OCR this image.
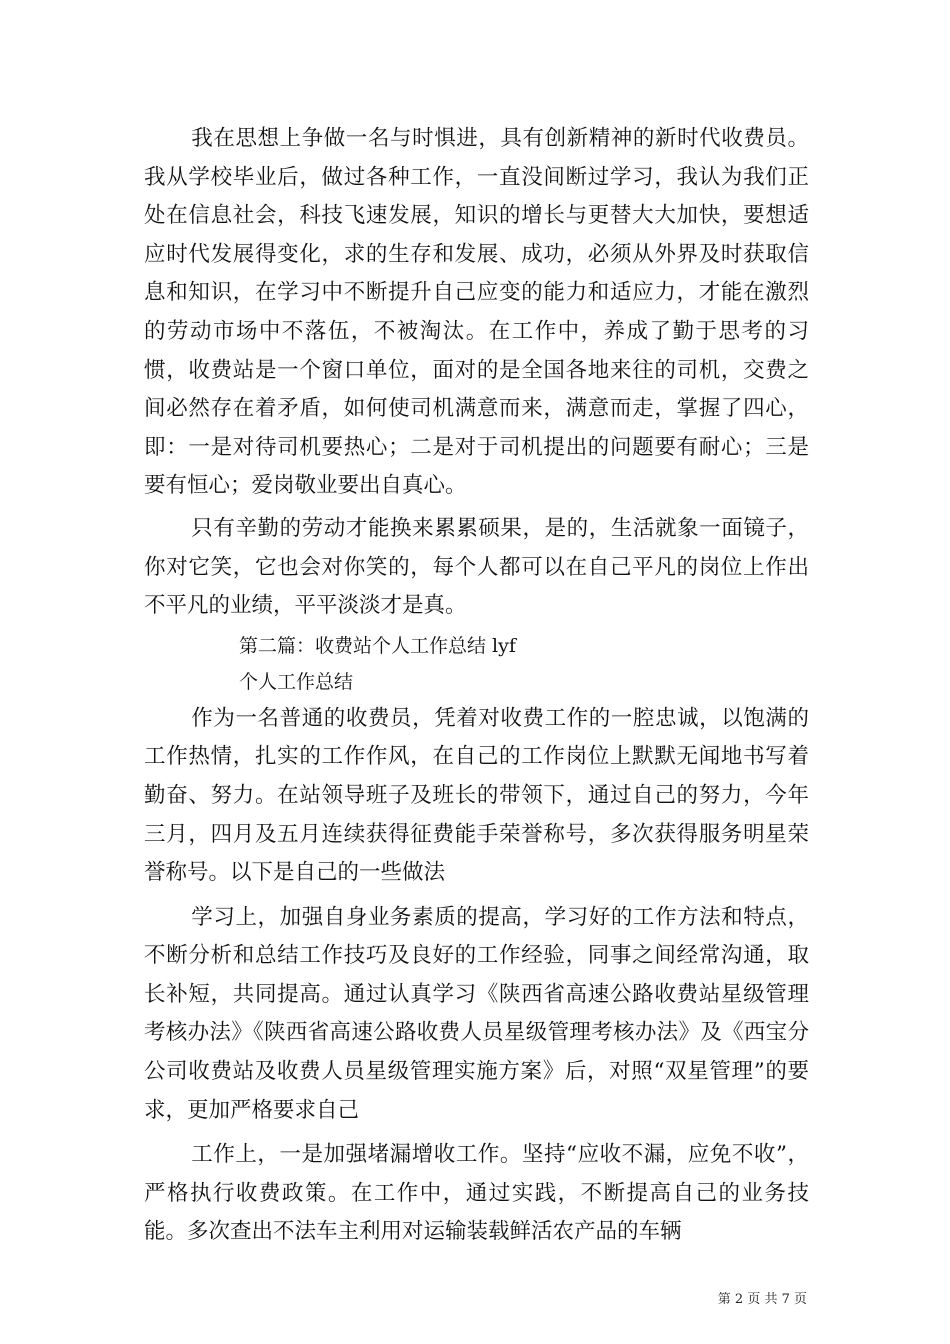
我在思想上争做一名与时惧进，具有创新精神的新时代收费员。我从学校毕业后，做过各种工作，一直没间断过学习，我认为我们正处在信息社会，科技飞速发展，知识的增长与更替大大加快，要想适应时代发展得变化，求的生存和发展、成功，必须从外界及时获取信息和知识，在学习中不断提升自己应变的能力和适应力，才能在激烈的劳动市场中不落伍，不被淘汰。在工作中，养成了勤于思考的习惯，收费站是一个窗口单位，面对的是全国各地来往的司机，交费之间必然存在着矛盾，如何使司机满意而来，满意而走，掌握了四心，即：一是对待司机要热心；二是对于司机提出的问题要有耐心；三是要有恒心；爱岗敬业要出自真心。

只有辛勤的劳动才能换来累累硕果，是的，生活就象一面镜子，你对它笑，它也会对你笑的，每个人都可以在自己平凡的岗位上作出不平凡的业绩，平平淡淡才是真。

第二篇：收费站个人工作总结 lyf

个人工作总结

作为一名普通的收费员，凭着对收费工作的一腔忠诚，以饱满的工作热情，扎实的工作作风，在自己的工作岗位上默默无闻地书写着勤奋、努力。在站领导班子及班长的带领下，通过自己的努力，今年三月，四月及五月连续获得征费能手荣誉称号，多次获得服务明星荣誉称号。以下是自己的一些做法

学习上，加强自身业务素质的提高，学习好的工作方法和特点，不断分析和总结工作技巧及良好的工作经验，同事之间经常沟通，取长补短，共同提高。通过认真学习《陕西省高速公路收费站星级管理考核办法》《陕西省高速公路收费人员星级管理考核办法》及《西宝分公司收费站及收费人员星级管理实施方案》后，对照“双星管理”的要求，更加严格要求自己

工作上，一是加强堵漏增收工作。坚持“应收不漏，应免不收”，严格执行收费政策。在工作中，通过实践，不断提高自己的业务技能。多次查出不法车主利用对运输装载鲜活农产品的车辆

第 2 页 共 7 页
